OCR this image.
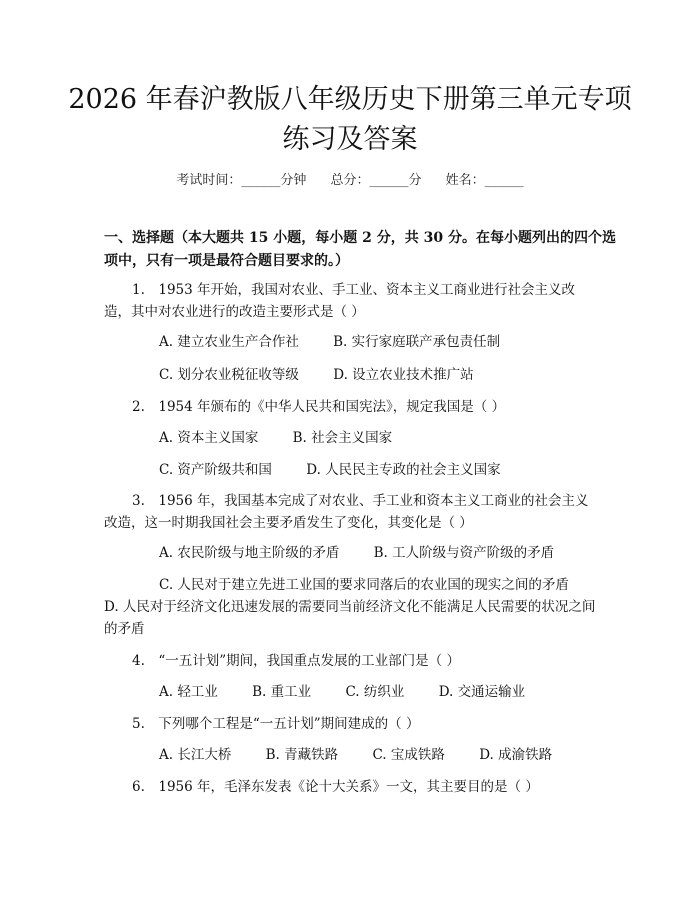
2026 年春沪教版八年级历史下册第三单元专项练习及答案
考试时间：______分钟 总分：______分 姓名：______
一、选择题（本大题共 15 小题，每小题 2 分，共 30 分。在每小题列出的四个选项中，只有一项是最符合题目要求的。）
1.　1953 年开始，我国对农业、手工业、资本主义工商业进行社会主义改造，其中对农业进行的改造主要形式是（ ）
A. 建立农业生产合作社	B. 实行家庭联产承包责任制
C. 划分农业税征收等级	D. 设立农业技术推广站
2.　1954 年颁布的《中华人民共和国宪法》，规定我国是（ ）
A. 资本主义国家	B. 社会主义国家
C. 资产阶级共和国	D. 人民民主专政的社会主义国家
3.　1956 年，我国基本完成了对农业、手工业和资本主义工商业的社会主义改造，这一时期我国社会主要矛盾发生了变化，其变化是（ ）
A. 农民阶级与地主阶级的矛盾	B. 工人阶级与资产阶级的矛盾
C. 人民对于建立先进工业国的要求同落后的农业国的现实之间的矛盾
D. 人民对于经济文化迅速发展的需要同当前经济文化不能满足人民需要的状况之间的矛盾
4.　“一五计划”期间，我国重点发展的工业部门是（ ）
A. 轻工业	B. 重工业	C. 纺织业	D. 交通运输业
5.　下列哪个工程是“一五计划”期间建成的（ ）
A. 长江大桥	B. 青藏铁路	C. 宝成铁路	D. 成渝铁路
6.　1956 年，毛泽东发表《论十大关系》一文，其主要目的是（ ）
